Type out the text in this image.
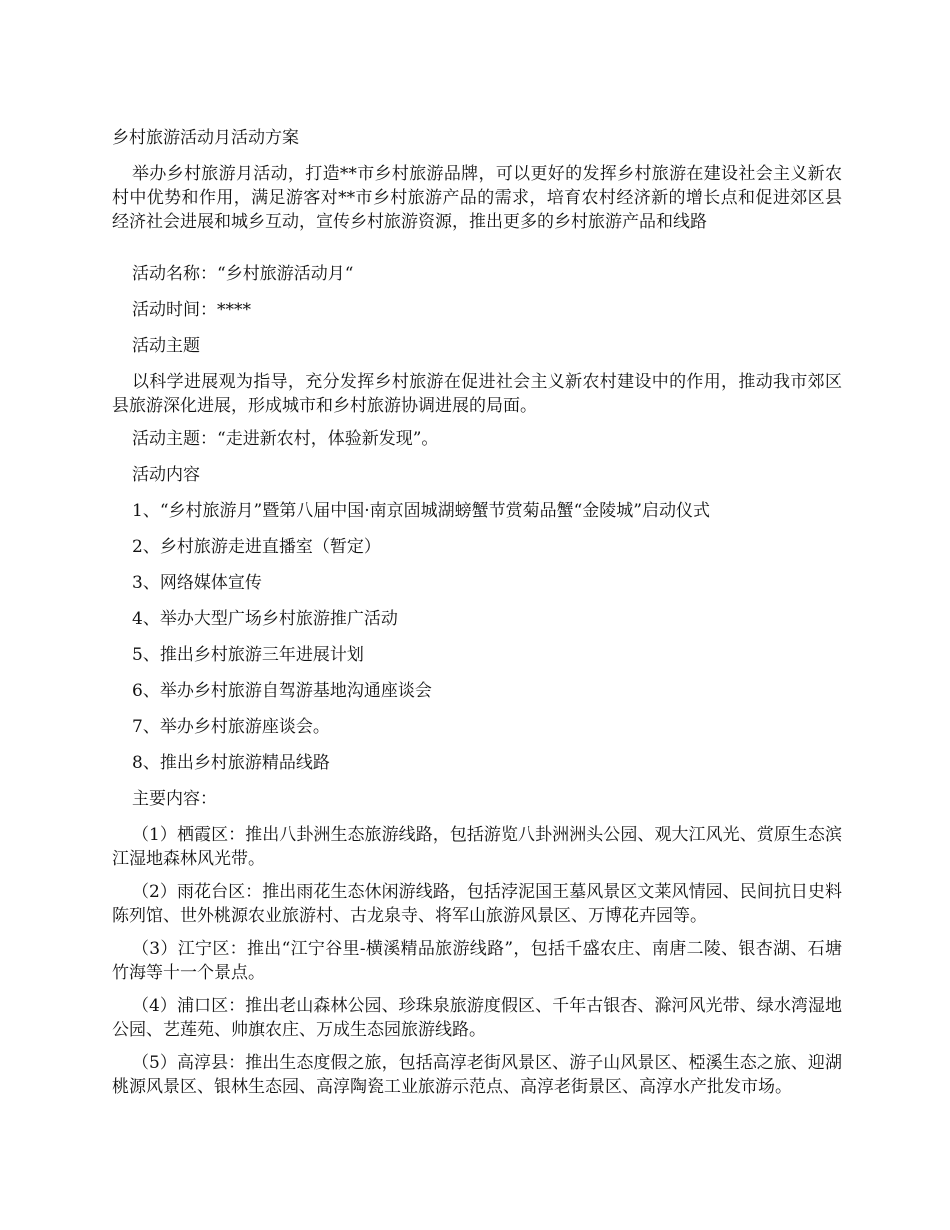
乡村旅游活动月活动方案
举办乡村旅游月活动，打造**市乡村旅游品牌，可以更好的发挥乡村旅游在建设社会主义新农村中优势和作用，满足游客对**市乡村旅游产品的需求，培育农村经济新的增长点和促进郊区县经济社会进展和城乡互动，宣传乡村旅游资源，推出更多的乡村旅游产品和线路
活动名称：“乡村旅游活动月“
活动时间：****
活动主题
以科学进展观为指导，充分发挥乡村旅游在促进社会主义新农村建设中的作用，推动我市郊区县旅游深化进展，形成城市和乡村旅游协调进展的局面。
活动主题：“走进新农村，体验新发现”。
活动内容
1、“乡村旅游月”暨第八届中国·南京固城湖螃蟹节赏菊品蟹“金陵城”启动仪式
2、乡村旅游走进直播室（暂定）
3、网络媒体宣传
4、举办大型广场乡村旅游推广活动
5、推出乡村旅游三年进展计划
6、举办乡村旅游自驾游基地沟通座谈会
7、举办乡村旅游座谈会。
8、推出乡村旅游精品线路
主要内容：
（1）栖霞区：推出八卦洲生态旅游线路，包括游览八卦洲洲头公园、观大江风光、赏原生态滨江湿地森林风光带。
（2）雨花台区：推出雨花生态休闲游线路，包括浡泥国王墓风景区文莱风情园、民间抗日史料陈列馆、世外桃源农业旅游村、古龙泉寺、将军山旅游风景区、万博花卉园等。
（3）江宁区：推出“江宁谷里-横溪精品旅游线路”，包括千盛农庄、南唐二陵、银杏湖、石塘竹海等十一个景点。
（4）浦口区：推出老山森林公园、珍珠泉旅游度假区、千年古银杏、滁河风光带、绿水湾湿地公园、艺莲苑、帅旗农庄、万成生态园旅游线路。
（5）高淳县：推出生态度假之旅，包括高淳老街风景区、游子山风景区、椏溪生态之旅、迎湖桃源风景区、银林生态园、高淳陶瓷工业旅游示范点、高淳老街景区、高淳水产批发市场。
